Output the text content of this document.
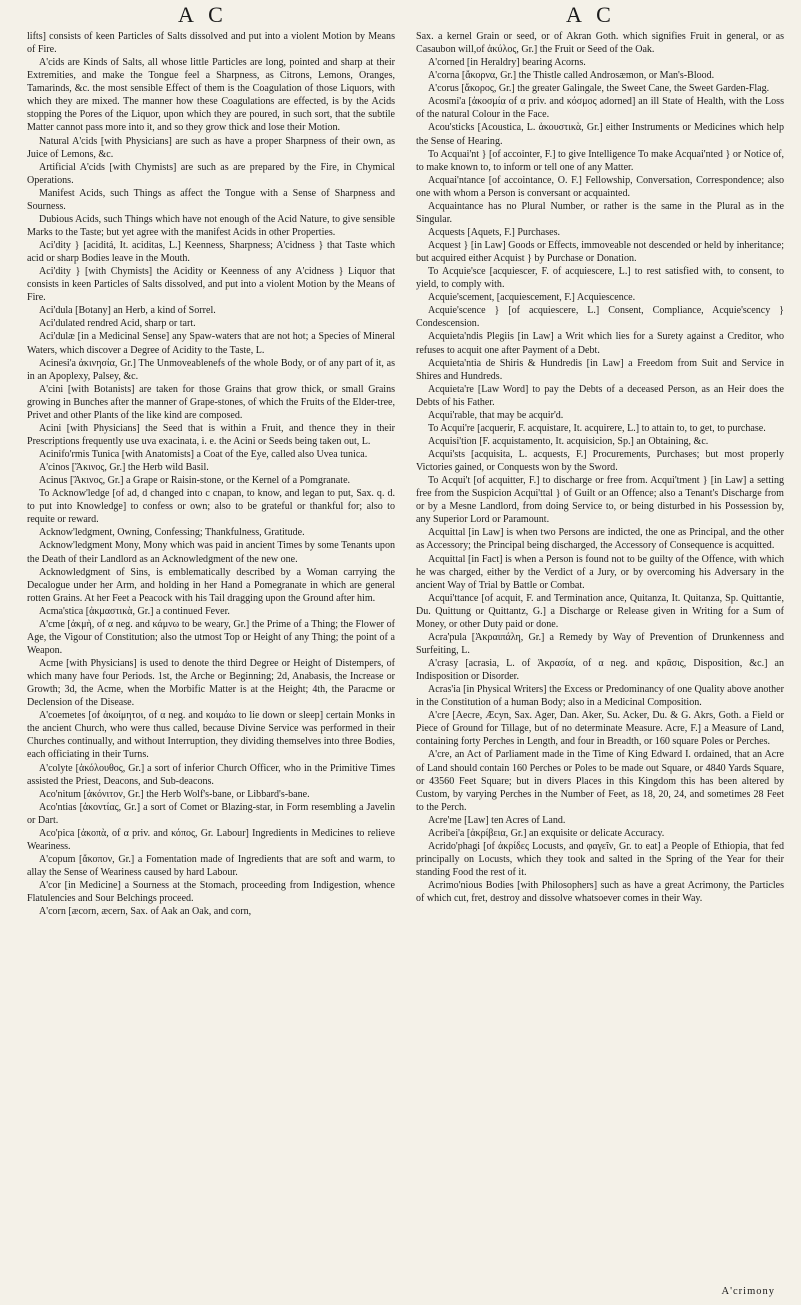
A C	A C

lifts] consists of keen Particles of Salts dissolved and put into a violent Motion by Means of Fire.

A'cids are Kinds of Salts, all whose little Particles are long, pointed and sharp at their Extremities, and make the Tongue feel a Sharpness, as Citrons, Lemons, Oranges, Tamarinds, &c. the most sensible Effect of them is the Coagulation of those Liquors, with which they are mixed. The manner how these Coagulations are effected, is by the Acids stopping the Pores of the Liquor, upon which they are poured, in such sort, that the subtile Matter cannot pass more into it, and so they grow thick and lose their Motion.

Natural A'cids [with Physicians] are such as have a proper Sharpness of their own, as Juice of Lemons, &c.

Artificial A'cids [with Chymists] are such as are prepared by the Fire, in Chymical Operations.

Manifest Acids, such Things as affect the Tongue with a Sense of Sharpness and Sourness.

Dubious Acids, such Things which have not enough of the Acid Nature, to give sensible Marks to the Taste; but yet agree with the manifest Acids in other Properties.

Aci'dity } [aciditá, It. aciditas, L.] Keenness, Sharpness; A'cidness } that Taste which acid or sharp Bodies leave in the Mouth.

Aci'dity } [with Chymists] the Acidity or Keenness of any A'cidness } Liquor that consists in keen Particles of Salts dissolved, and put into a violent Motion by the Means of Fire.

Aci'dula [Botany] an Herb, a kind of Sorrel.

Aci'dulated rendred Acid, sharp or tart.

Aci'dulæ [in a Medicinal Sense] any Spaw-waters that are not hot; a Species of Mineral Waters, which discover a Degree of Acidity to the Taste, L.

Acinesi'a ἀκινησία, Gr.] The Unmoveablenefs of the whole Body, or of any part of it, as in an Apoplexy, Palsey, &c.

A'cini [with Botanists] are taken for those Grains that grow thick, or small Grains growing in Bunches after the manner of Grape-stones, of which the Fruits of the Elder-tree, Privet and other Plants of the like kind are composed.

Acini [with Physicians] the Seed that is within a Fruit, and thence they in their Prescriptions frequently use uva exacinata, i. e. the Acini or Seeds being taken out, L.

Acinifo'rmis Tunica [with Anatomists] a Coat of the Eye, called also Uvea tunica.

A'cinos [Ἄκινος, Gr.] the Herb wild Basil.

Acinus [Ἄκινος, Gr.] a Grape or Raisin-stone, or the Kernel of a Pomgranate.

To Acknow'ledge [of ad, d changed into c cnapan, to know, and legan to put, Sax. q. d. to put into Knowledge] to confess or own; also to be grateful or thankful for; also to requite or reward.

Acknow'ledgment, Owning, Confessing; Thankfulness, Gratitude.

Acknow'ledgment Mony, Mony which was paid in ancient Times by some Tenants upon the Death of their Landlord as an Acknowledgment of the new one.

Acknowledgment of Sins, is emblematically described by a Woman carrying the Decalogue under her Arm, and holding in her Hand a Pomegranate in which are general rotten Grains. At her Feet a Peacock with his Tail dragging upon the Ground after him.

Acma'stica [ἀκμαστικὰ, Gr.] a continued Fever.

A'cme [ἀκμὴ, of α neg. and κάμνω to be weary, Gr.] the Prime of a Thing; the Flower of Age, the Vigour of Constitution; also the utmost Top or Height of any Thing; the point of a Weapon.

Acme [with Physicians] is used to denote the third Degree or Height of Distempers, of which many have four Periods. 1st, the Arche or Beginning; 2d, Anabasis, the Increase or Growth; 3d, the Acme, when the Morbific Matter is at the Height; 4th, the Paracme or Declension of the Disease.

A'coemetes [of ἀκοίμητοι, of α neg. and κοιμάω to lie down or sleep] certain Monks in the ancient Church, who were thus called, because Divine Service was performed in their Churches continually, and without Interruption, they dividing themselves into three Bodies, each officiating in their Turns.

A'colyte [ἀκόλουθος, Gr.] a sort of inferior Church Officer, who in the Primitive Times assisted the Priest, Deacons, and Sub-deacons.

Aco'nitum [ἀκόνιτον, Gr.] the Herb Wolf's-bane, or Libbard's-bane.

Aco'ntias [ἀκοντίας, Gr.] a sort of Comet or Blazing-star, in Form resembling a Javelin or Dart.

Aco'pica [ἀκοπὰ, of α priv. and κόπος, Gr. Labour] Ingredients in Medicines to relieve Weariness.

A'copum [ἄκοπον, Gr.] a Fomentation made of Ingredients that are soft and warm, to allay the Sense of Weariness caused by hard Labour.

A'cor [in Medicine] a Sourness at the Stomach, proceeding from Indigestion, whence Flatulencies and Sour Belchings proceed.

A'corn [æcorn, æcern, Sax. of Aak an Oak, and corn,

Sax. a kernel Grain or seed, or of Akran Goth. which signifies Fruit in general, or as Casaubon will,of ἀκύλος, Gr.] the Fruit or Seed of the Oak.

A'corned [in Heraldry] bearing Acorns.

A'corna [ἄκορνα, Gr.] the Thistle called Androsæmon, or Man's-Blood.

A'corus [ἄκορος, Gr.] the greater Galingale, the Sweet Cane, the Sweet Garden-Flag.

Acosmi'a [ἀκοσμία of α priv. and κόσμος adorned] an ill State of Health, with the Loss of the natural Colour in the Face.

Acou'sticks [Acoustica, L. ἀκουστικὰ, Gr.] either Instruments or Medicines which help the Sense of Hearing.

To Acquai'nt } [of accointer, F.] to give Intelligence To make Acquai'nted } or Notice of, to make known to, to inform or tell one of any Matter.

Acquai'ntance [of accointance, O. F.] Fellowship, Conversation, Correspondence; also one with whom a Person is conversant or acquainted.

Acquaintance has no Plural Number, or rather is the same in the Plural as in the Singular.

Acquests [Aquets, F.] Purchases.

Acquest } [in Law] Goods or Effects, immoveable not descended or held by inheritance; but acquired either Acquist } by Purchase or Donation.

To Acquie'sce [acquiescer, F. of acquiescere, L.] to rest satisfied with, to consent, to yield, to comply with.

Acquie'scement, [acquiescement, F.] Acquiescence.

Acquie'scence } [of acquiescere, L.] Consent, Compliance, Acquie'scency } Condescension.

Acquieta'ndis Plegiis [in Law] a Writ which lies for a Surety against a Creditor, who refuses to acquit one after Payment of a Debt.

Acquieta'ntia de Shiris & Hundredis [in Law] a Freedom from Suit and Service in Shires and Hundreds.

Acquieta're [Law Word] to pay the Debts of a deceased Person, as an Heir does the Debts of his Father.

Acqui'rable, that may be acquir'd.

To Acqui're [acquerir, F. acquistare, It. acquirere, L.] to attain to, to get, to purchase.

Acquisi'tion [F. acquistamento, It. acquisicion, Sp.] an Obtaining, &c.

Acqui'sts [acquisita, L. acquests, F.] Procurements, Purchases; but most properly Victories gained, or Conquests won by the Sword.

To Acqui't [of acquitter, F.] to discharge or free from. Acqui'tment } [in Law] a setting free from the Suspicion Acqui'ttal } of Guilt or an Offence; also a Tenant's Discharge from or by a Mesne Landlord, from doing Service to, or being disturbed in his Possession by, any Superior Lord or Paramount.

Acquittal [in Law] is when two Persons are indicted, the one as Principal, and the other as Accessory; the Principal being discharged, the Accessory of Consequence is acquitted.

Acquittal [in Fact] is when a Person is found not to be guilty of the Offence, with which he was charged, either by the Verdict of a Jury, or by overcoming his Adversary in the ancient Way of Trial by Battle or Combat.

Acqui'ttance [of acquit, F. and Termination ance, Quitanza, It. Quitanza, Sp. Quittantie, Du. Quittung or Quittantz, G.] a Discharge or Release given in Writing for a Sum of Money, or other Duty paid or done.

Acra'pula [Ἀκραιπάλη, Gr.] a Remedy by Way of Prevention of Drunkenness and Surfeiting, L.

A'crasy [acrasia, L. of Ἀκρασία, of α neg. and κρᾶσις, Disposition, &c.] an Indisposition or Disorder.

Acras'ia [in Physical Writers] the Excess or Predominancy of one Quality above another in the Constitution of a human Body; also in a Medicinal Composition.

A'cre [Aecre, Æcyn, Sax. Ager, Dan. Aker, Su. Acker, Du. & G. Akrs, Goth. a Field or Piece of Ground for Tillage, but of no determinate Measure. Acre, F.] a Measure of Land, containing forty Perches in Length, and four in Breadth, or 160 square Poles or Perches.

A'cre, an Act of Parliament made in the Time of King Edward I. ordained, that an Acre of Land should contain 160 Perches or Poles to be made out Square, or 4840 Yards Square, or 43560 Feet Square; but in divers Places in this Kingdom this has been altered by Custom, by varying Perches in the Number of Feet, as 18, 20, 24, and sometimes 28 Feet to the Perch.

Acre'me [Law] ten Acres of Land.

Acribei'a [ἀκρίβεια, Gr.] an exquisite or delicate Accuracy.

Acrido'phagi [of ἀκρίδες Locusts, and φαγεῖν, Gr. to eat] a People of Ethiopia, that fed principally on Locusts, which they took and salted in the Spring of the Year for their standing Food the rest of it.

Acrimo'nious Bodies [with Philosophers] such as have a great Acrimony, the Particles of which cut, fret, destroy and dissolve whatsoever comes in their Way.

A'crimony
